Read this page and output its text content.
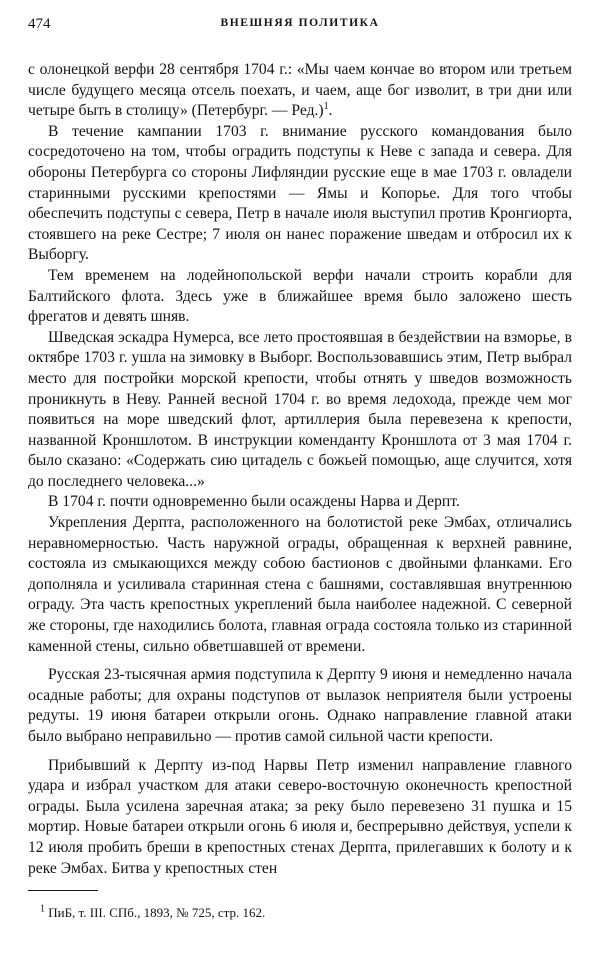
474	ВНЕШНЯЯ ПОЛИТИКА

с олонецкой верфи 28 сентября 1704 г.: «Мы чаем кончае во втором или третьем числе будущего месяца отсель поехать, и чаем, аще бог изволит, в три дни или четыре быть в столицу» (Петербург. — Ред.)$^1$.

В течение кампании 1703 г. внимание русского командования было сосредоточено на том, чтобы оградить подступы к Неве с запада и севера. Для обороны Петербурга со стороны Лифляндии русские еще в мае 1703 г. овладели старинными русскими крепостями — Ямы и Копорье. Для того чтобы обеспечить подступы с севера, Петр в начале июля выступил против Кронгиорта, стоявшего на реке Сестре; 7 июля он нанес поражение шведам и отбросил их к Выборгу.

Тем временем на лодейнопольской верфи начали строить корабли для Балтийского флота. Здесь уже в ближайшее время было заложено шесть фрегатов и девять шняв.

Шведская эскадра Нумерса, все лето простоявшая в бездействии на взморье, в октябре 1703 г. ушла на зимовку в Выборг. Воспользовавшись этим, Петр выбрал место для постройки морской крепости, чтобы отнять у шведов возможность проникнуть в Неву. Ранней весной 1704 г. во время ледохода, прежде чем мог появиться на море шведский флот, артиллерия была перевезена к крепости, названной Кроншлотом. В инструкции коменданту Кроншлота от 3 мая 1704 г. было сказано: «Содержать сию цитадель с божьей помощью, аще случится, хотя до последнего человека...»

В 1704 г. почти одновременно были осаждены Нарва и Дерпт.

Укрепления Дерпта, расположенного на болотистой реке Эмбах, отличались неравномерностью. Часть наружной ограды, обращенная к верхней равнине, состояла из смыкающихся между собою бастионов с двойными фланками. Его дополняла и усиливала старинная стена с башнями, составлявшая внутреннюю ограду. Эта часть крепостных укреплений была наиболее надежной. С северной же стороны, где находились болота, главная ограда состояла только из старинной каменной стены, сильно обветшавшей от времени.

Русская 23-тысячная армия подступила к Дерпту 9 июня и немедленно начала осадные работы; для охраны подступов от вылазок неприятеля были устроены редуты. 19 июня батареи открыли огонь. Однако направление главной атаки было выбрано неправильно — против самой сильной части крепости.

Прибывший к Дерпту из-под Нарвы Петр изменил направление главного удара и избрал участком для атаки северо-восточную оконечность крепостной ограды. Была усилена заречная атака; за реку было перевезено 31 пушка и 15 мортир. Новые батареи открыли огонь 6 июля и, беспрерывно действуя, успели к 12 июля пробить бреши в крепостных стенах Дерпта, прилегавших к болоту и к реке Эмбах. Битва у крепостных стен

$^1$ ПиБ, т. III. СПб., 1893, № 725, стр. 162.
